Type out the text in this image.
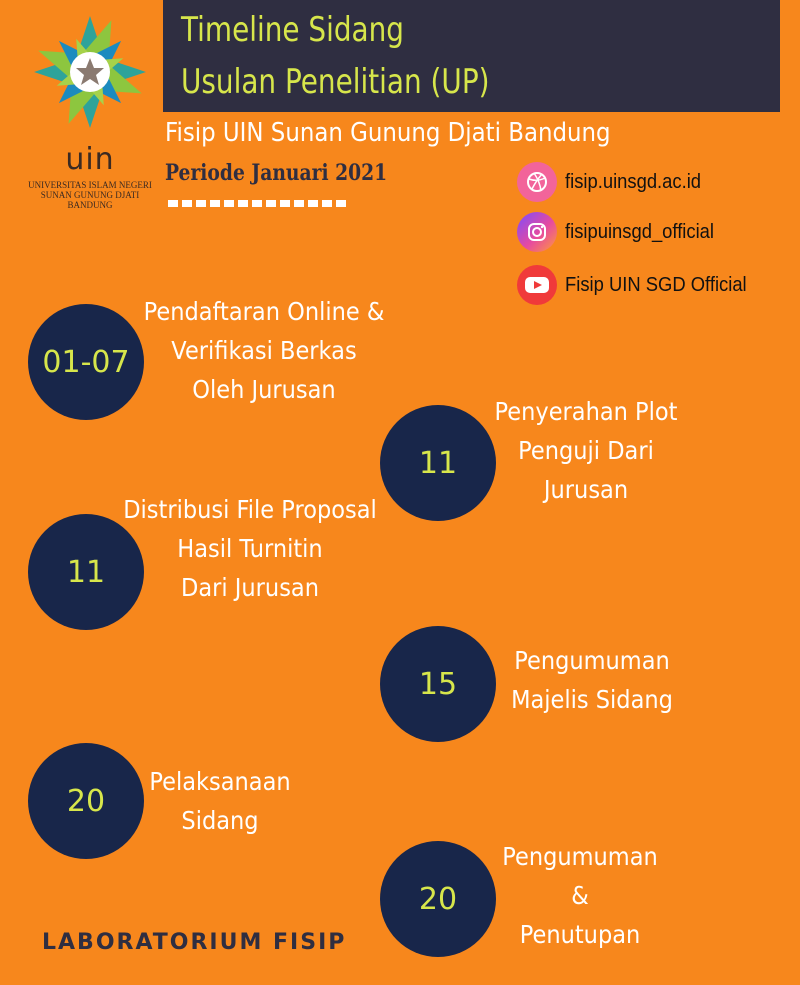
uin
UNIVERSITAS ISLAM NEGERI SUNAN GUNUNG DJATI BANDUNG
Timeline Sidang
Usulan Penelitian (UP)
Fisip UIN Sunan Gunung Djati Bandung
Periode Januari 2021	fisip.uinsgd.ac.id
fisipuinsgd_official
Fisip UIN SGD Official
01-07
Pendaftaran Online &
Verifikasi Berkas
Oleh Jurusan
11
Penyerahan Plot
Penguji Dari
Jurusan
11
Distribusi File Proposal
Hasil Turnitin
Dari Jurusan
15
Pengumuman
Majelis Sidang
20
Pelaksanaan
Sidang
20
Pengumuman
&
Penutupan
LABORATORIUM FISIP
